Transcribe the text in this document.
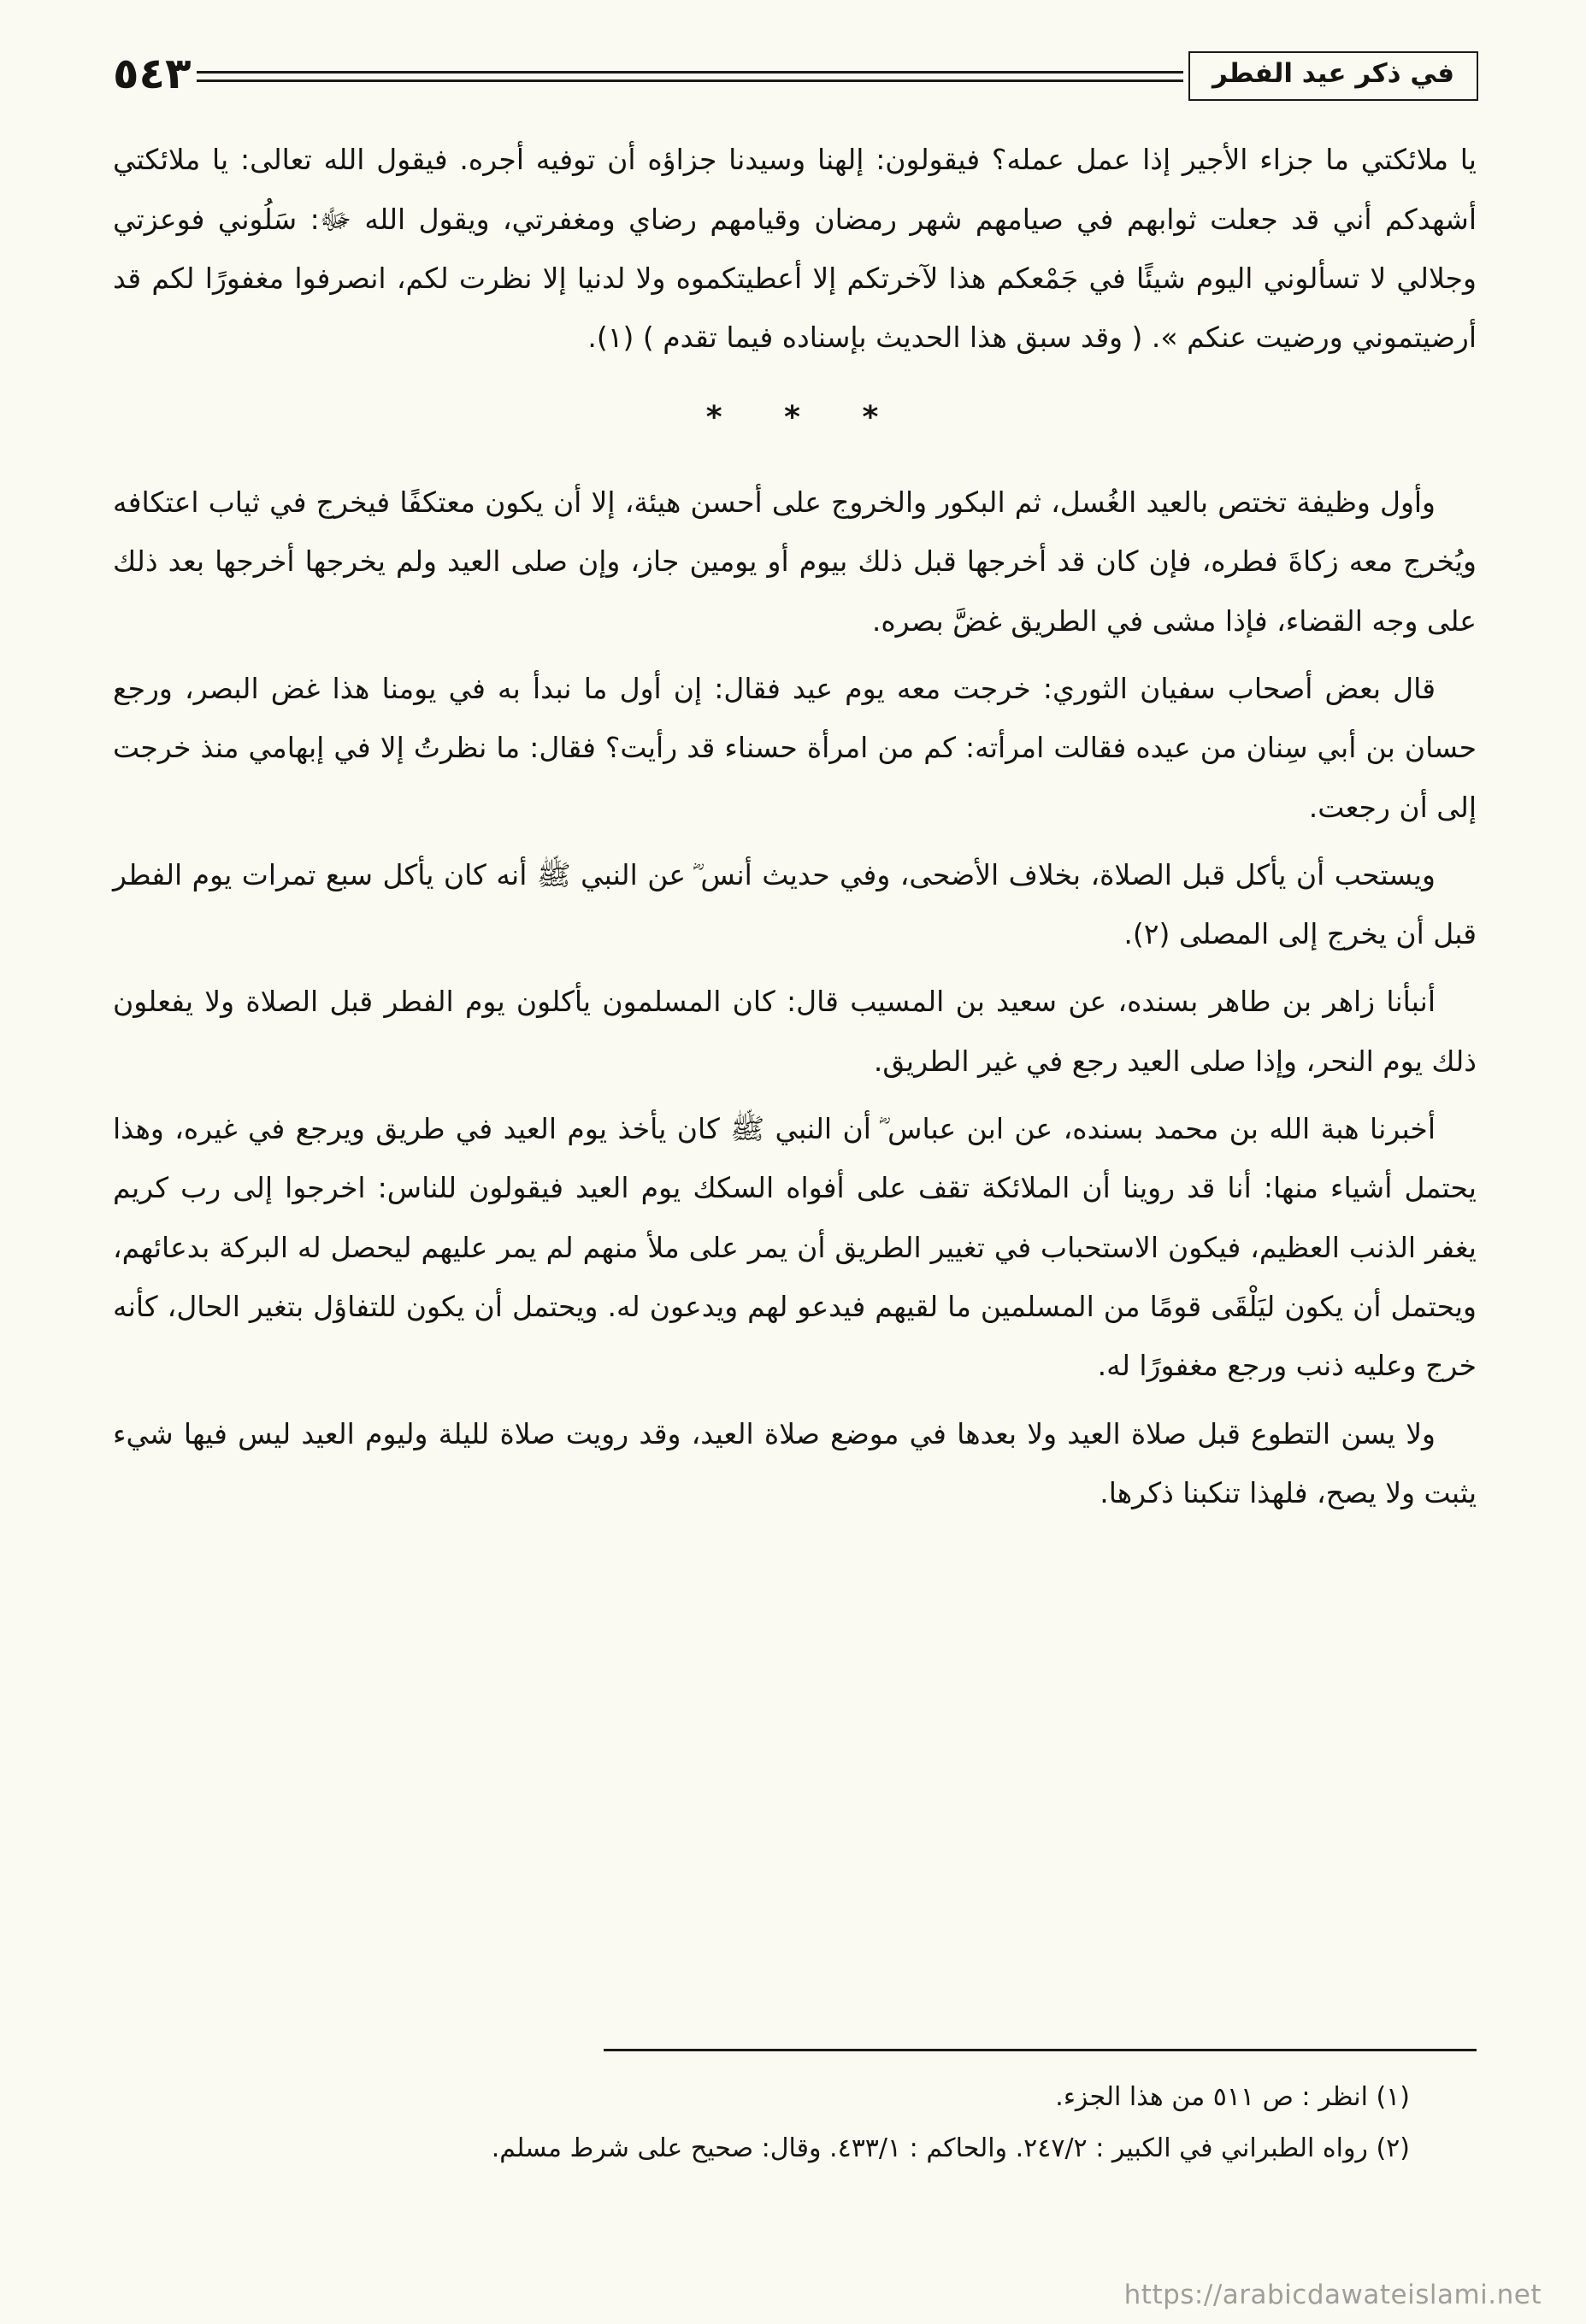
في ذكر عيد الفطر
٥٤٣

يا ملائكتي ما جزاء الأجير إذا عمل عمله؟ فيقولون: إلهنا وسيدنا جزاؤه أن توفيه أجره. فيقول الله تعالى: يا ملائكتي أشهدكم أني قد جعلت ثوابهم في صيامهم شهر رمضان وقيامهم رضاي ومغفرتي، ويقول الله ﷻ: سَلُوني فوعزتي وجلالي لا تسألوني اليوم شيئًا في جَمْعكم هذا لآخرتكم إلا أعطيتكموه ولا لدنيا إلا نظرت لكم، انصرفوا مغفورًا لكم قد أرضيتموني ورضيت عنكم ». ( وقد سبق هذا الحديث بإسناده فيما تقدم ) (١).

* * *

وأول وظيفة تختص بالعيد الغُسل، ثم البكور والخروج على أحسن هيئة، إلا أن يكون معتكفًا فيخرج في ثياب اعتكافه ويُخرج معه زكاةَ فطره، فإن كان قد أخرجها قبل ذلك بيوم أو يومين جاز، وإن صلى العيد ولم يخرجها أخرجها بعد ذلك على وجه القضاء، فإذا مشى في الطريق غضَّ بصره.

قال بعض أصحاب سفيان الثوري: خرجت معه يوم عيد فقال: إن أول ما نبدأ به في يومنا هذا غض البصر، ورجع حسان بن أبي سِنان من عيده فقالت امرأته: كم من امرأة حسناء قد رأيت؟ فقال: ما نظرتُ إلا في إبهامي منذ خرجت إلى أن رجعت.

ويستحب أن يأكل قبل الصلاة، بخلاف الأضحى، وفي حديث أنس ؓ عن النبي ﷺ أنه كان يأكل سبع تمرات يوم الفطر قبل أن يخرج إلى المصلى (٢).

أنبأنا زاهر بن طاهر بسنده، عن سعيد بن المسيب قال: كان المسلمون يأكلون يوم الفطر قبل الصلاة ولا يفعلون ذلك يوم النحر، وإذا صلى العيد رجع في غير الطريق.

أخبرنا هبة الله بن محمد بسنده، عن ابن عباس ؓ أن النبي ﷺ كان يأخذ يوم العيد في طريق ويرجع في غيره، وهذا يحتمل أشياء منها: أنا قد روينا أن الملائكة تقف على أفواه السكك يوم العيد فيقولون للناس: اخرجوا إلى رب كريم يغفر الذنب العظيم، فيكون الاستحباب في تغيير الطريق أن يمر على ملأ منهم لم يمر عليهم ليحصل له البركة بدعائهم، ويحتمل أن يكون ليَلْقَى قومًا من المسلمين ما لقيهم فيدعو لهم ويدعون له. ويحتمل أن يكون للتفاؤل بتغير الحال، كأنه خرج وعليه ذنب ورجع مغفورًا له.

ولا يسن التطوع قبل صلاة العيد ولا بعدها في موضع صلاة العيد، وقد رويت صلاة لليلة وليوم العيد ليس فيها شيء يثبت ولا يصح، فلهذا تنكبنا ذكرها.

(١) انظر : ص ٥١١ من هذا الجزء.
(٢) رواه الطبراني في الكبير : ٢٤٧/٢. والحاكم : ٤٣٣/١. وقال: صحيح على شرط مسلم.
https://arabicdawateislami.net
